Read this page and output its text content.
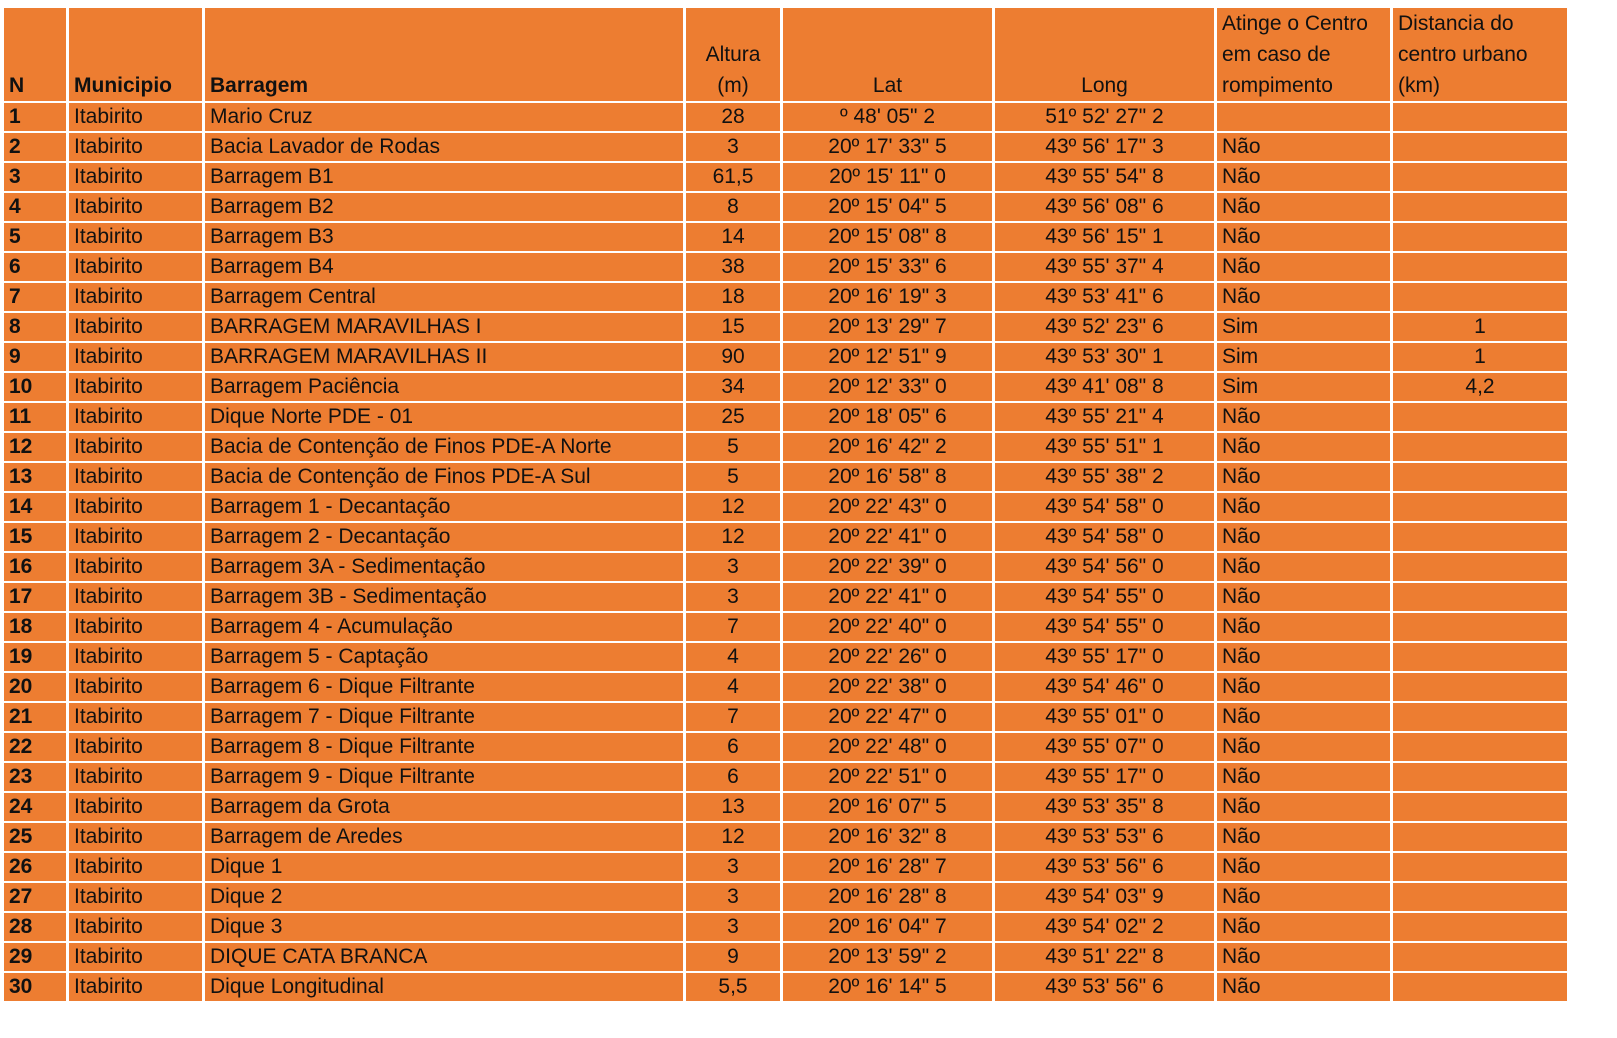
N	Municipio	Barragem	Altura (m)	Lat	Long	Atinge o Centro em caso de rompimento	Distancia do centro urbano (km)
1	Itabirito	Mario Cruz	28	º 48' 05" 2	51º 52' 27" 2		
2	Itabirito	Bacia Lavador de Rodas	3	20º 17' 33" 5	43º 56' 17" 3	Não	
3	Itabirito	Barragem B1	61,5	20º 15' 11" 0	43º 55' 54" 8	Não	
4	Itabirito	Barragem B2	8	20º 15' 04" 5	43º 56' 08" 6	Não	
5	Itabirito	Barragem B3	14	20º 15' 08" 8	43º 56' 15" 1	Não	
6	Itabirito	Barragem B4	38	20º 15' 33" 6	43º 55' 37" 4	Não	
7	Itabirito	Barragem Central	18	20º 16' 19" 3	43º 53' 41" 6	Não	
8	Itabirito	BARRAGEM MARAVILHAS I	15	20º 13' 29" 7	43º 52' 23" 6	Sim	1
9	Itabirito	BARRAGEM MARAVILHAS II	90	20º 12' 51" 9	43º 53' 30" 1	Sim	1
10	Itabirito	Barragem Paciência	34	20º 12' 33" 0	43º 41' 08" 8	Sim	4,2
11	Itabirito	Dique Norte PDE - 01	25	20º 18' 05" 6	43º 55' 21" 4	Não	
12	Itabirito	Bacia de Contenção de Finos PDE-A Norte	5	20º 16' 42" 2	43º 55' 51" 1	Não	
13	Itabirito	Bacia de Contenção de Finos PDE-A Sul	5	20º 16' 58" 8	43º 55' 38" 2	Não	
14	Itabirito	Barragem 1 - Decantação	12	20º 22' 43" 0	43º 54' 58" 0	Não	
15	Itabirito	Barragem 2 - Decantação	12	20º 22' 41" 0	43º 54' 58" 0	Não	
16	Itabirito	Barragem 3A - Sedimentação	3	20º 22' 39" 0	43º 54' 56" 0	Não	
17	Itabirito	Barragem 3B - Sedimentação	3	20º 22' 41" 0	43º 54' 55" 0	Não	
18	Itabirito	Barragem 4 - Acumulação	7	20º 22' 40" 0	43º 54' 55" 0	Não	
19	Itabirito	Barragem 5 - Captação	4	20º 22' 26" 0	43º 55' 17" 0	Não	
20	Itabirito	Barragem 6 - Dique Filtrante	4	20º 22' 38" 0	43º 54' 46" 0	Não	
21	Itabirito	Barragem 7 - Dique Filtrante	7	20º 22' 47" 0	43º 55' 01" 0	Não	
22	Itabirito	Barragem 8 - Dique Filtrante	6	20º 22' 48" 0	43º 55' 07" 0	Não	
23	Itabirito	Barragem 9 - Dique Filtrante	6	20º 22' 51" 0	43º 55' 17" 0	Não	
24	Itabirito	Barragem da Grota	13	20º 16' 07" 5	43º 53' 35" 8	Não	
25	Itabirito	Barragem de Aredes	12	20º 16' 32" 8	43º 53' 53" 6	Não	
26	Itabirito	Dique 1	3	20º 16' 28" 7	43º 53' 56" 6	Não	
27	Itabirito	Dique 2	3	20º 16' 28" 8	43º 54' 03" 9	Não	
28	Itabirito	Dique 3	3	20º 16' 04" 7	43º 54' 02" 2	Não	
29	Itabirito	DIQUE CATA BRANCA	9	20º 13' 59" 2	43º 51' 22" 8	Não	
30	Itabirito	Dique Longitudinal	5,5	20º 16' 14" 5	43º 53' 56" 6	Não	
